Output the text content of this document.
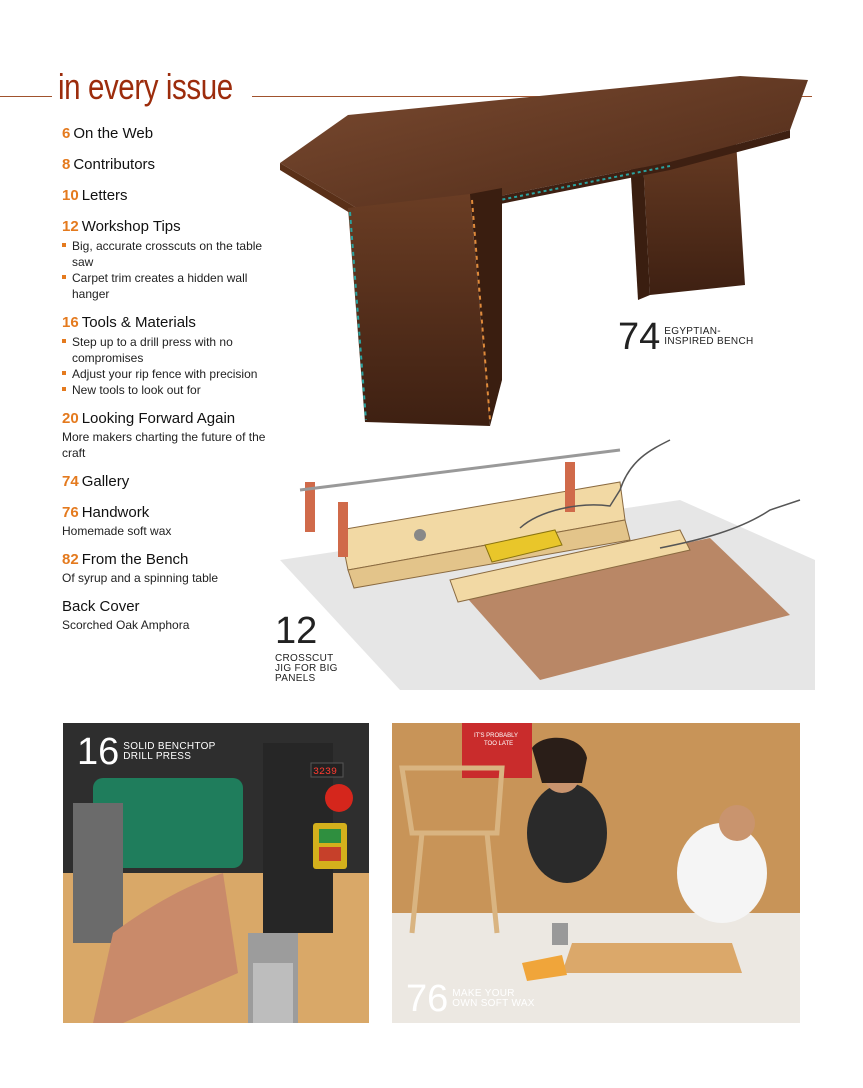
in every issue
6 On the Web
8 Contributors
10 Letters
12 Workshop Tips
Big, accurate crosscuts on the table saw
Carpet trim creates a hidden wall hanger
16 Tools & Materials
Step up to a drill press with no compromises
Adjust your rip fence with precision
New tools to look out for
20 Looking Forward Again
More makers charting the future of the craft
74 Gallery
76 Handwork
Homemade soft wax
82 From the Bench
Of syrup and a spinning table
Back Cover
Scorched Oak Amphora
74 EGYPTIAN-
INSPIRED BENCH
12
CROSSCUT
JIG FOR BIG
PANELS
3239
16 SOLID BENCHTOP
DRILL PRESS
IT'S PROBABLY TOO LATE
76 MAKE YOUR
OWN SOFT WAX
